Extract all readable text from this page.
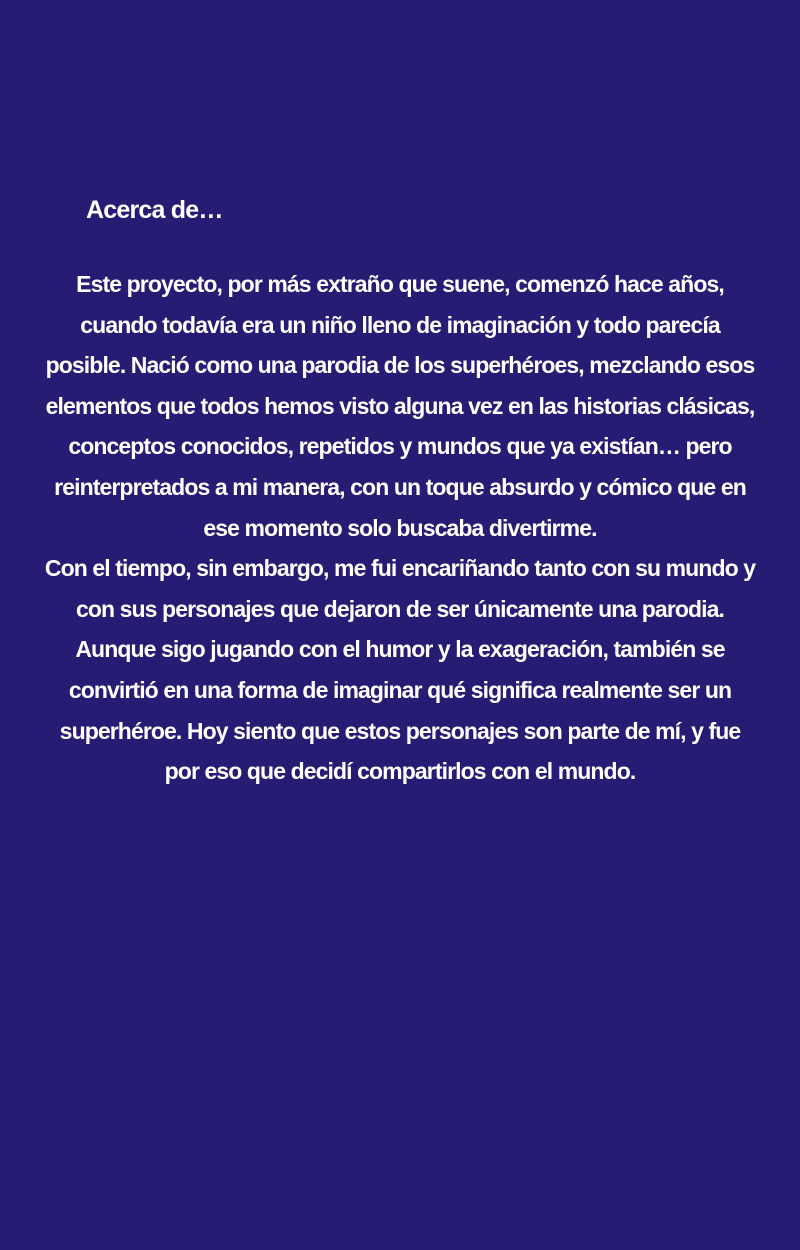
Acerca de…

Este proyecto, por más extraño que suene, comenzó hace años, cuando todavía era un niño lleno de imaginación y todo parecía posible. Nació como una parodia de los superhéroes, mezclando esos elementos que todos hemos visto alguna vez en las historias clásicas, conceptos conocidos, repetidos y mundos que ya existían… pero reinterpretados a mi manera, con un toque absurdo y cómico que en ese momento solo buscaba divertirme.

Con el tiempo, sin embargo, me fui encariñando tanto con su mundo y con sus personajes que dejaron de ser únicamente una parodia. Aunque sigo jugando con el humor y la exageración, también se convirtió en una forma de imaginar qué significa realmente ser un superhéroe. Hoy siento que estos personajes son parte de mí, y fue por eso que decidí compartirlos con el mundo.
